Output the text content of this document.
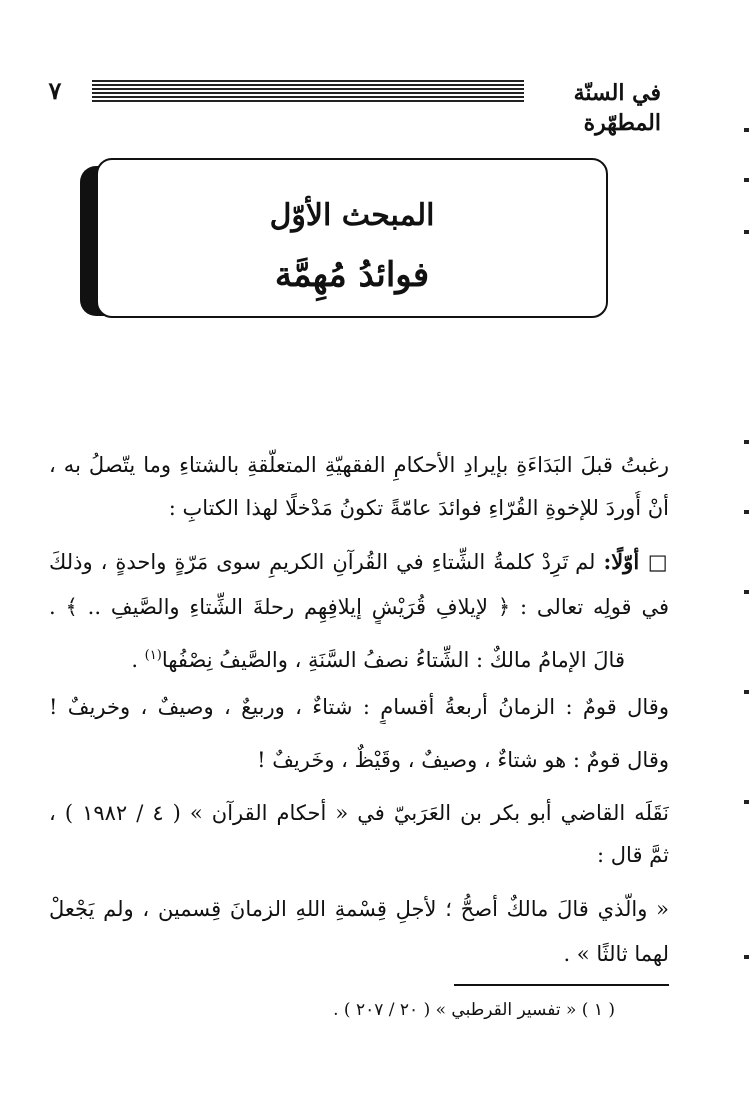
في السنّة المطهّرة
٧
المبحث الأوّل
فوائدُ مُهِمَّة
رغبتُ قبلَ البَدَاءَةِ بإيرادِ الأحكامِ الفقهيّةِ المتعلّقةِ بالشتاءِ وما يتّصلُ به ،
أنْ أُوردَ للإخوةِ القُرّاءِ فوائدَ عامّةً تكونُ مَدْخلًا لهذا الكتابِ :
□ أوّلًا: لم تَرِدْ كلمةُ الشِّتاءِ في القُرآنِ الكريمِ سوى مَرّةٍ واحدةٍ ، وذلكَ
في قولِه تعالى : ﴿ لإيلافِ قُرَيْشٍ إيلافِهِم رحلةَ الشِّتاءِ والصَّيفِ .. ﴾ .
قالَ الإمامُ مالكٌ : الشِّتاءُ نصفُ السَّنَةِ ، والصَّيفُ نِصْفُها$^{(١)}$ .
وقال قومٌ : الزمانُ أربعةُ أقسامٍ : شتاءٌ ، وربيعٌ ، وصيفٌ ، وخريفٌ !
وقال قومٌ : هو شتاءٌ ، وصيفٌ ، وقَيْظٌ ، وخَريفٌ !
نَقَلَه القاضي أبو بكر بن العَرَبيّ في « أحكام القرآن » ( ٤ / ١٩٨٢ ) ،
ثمَّ قال :
« والّذي قالَ مالكٌ أصحُّ ؛ لأجلِ قِسْمةِ اللهِ الزمانَ قِسمين ، ولم يَجْعلْ
لهما ثالثًا » .
( ١ ) « تفسير القرطبي » ( ٢٠ / ٢٠٧ ) .
